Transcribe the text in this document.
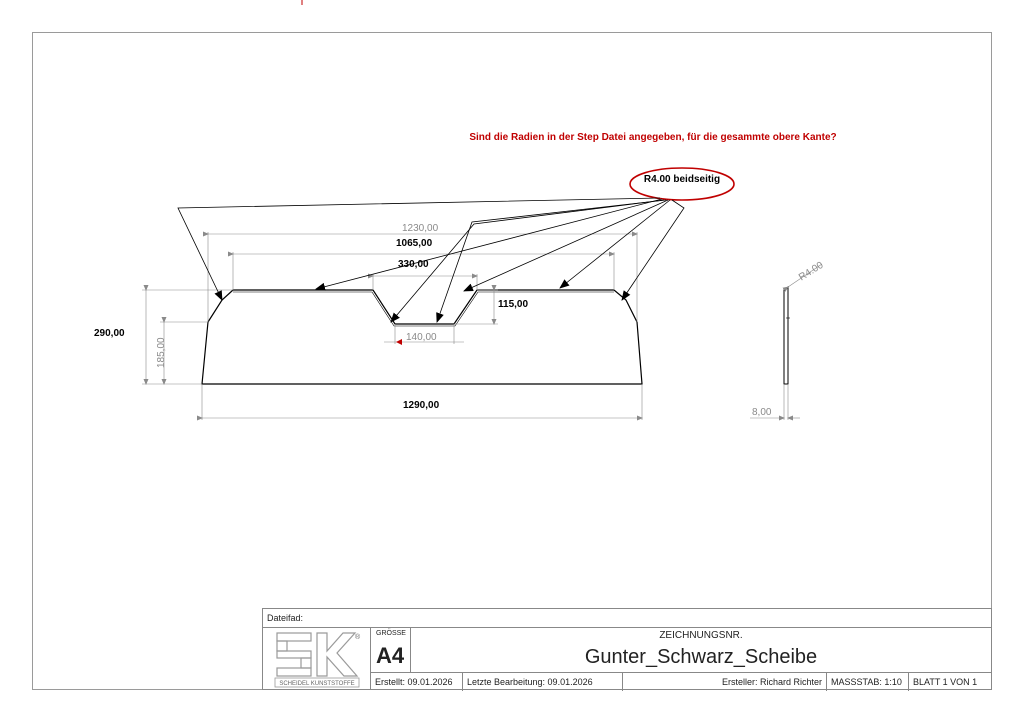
Sind die Radien in der Step Datei angegeben, für die gesammte obere Kante?
R4.00 beidseitig
1230,00
1065,00
330,00
140,00
115,00
290,00
185,00
1290,00
R4.00
8,00
Dateifad:
SCHEIDEL KUNSTSTOFFE
®
GRÖSSE
A4
ZEICHNUNGSNR.
Gunter_Schwarz_Scheibe
Erstellt: 09.01.2026	Letzte Bearbeitung: 09.01.2026	Ersteller: Richard Richter	MASSSTAB: 1:10	BLATT 1 VON 1
